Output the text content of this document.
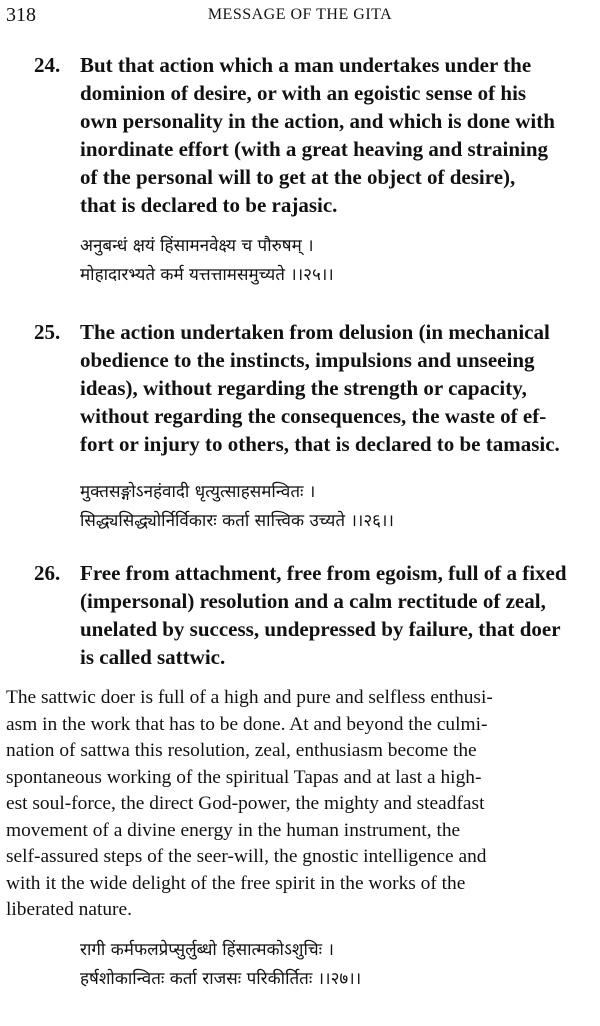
318	MESSAGE OF THE GITA
24. But that action which a man undertakes under the
dominion of desire, or with an egoistic sense of his
own personality in the action, and which is done with
inordinate effort (with a great heaving and straining
of the personal will to get at the object of desire),
that is declared to be rajasic.
अनुबन्धं क्षयं हिंसामनवेक्ष्य च पौरुषम् ।
मोहादारभ्यते कर्म यत्तत्तामसमुच्यते ।।२५।।
25. The action undertaken from delusion (in mechanical
obedience to the instincts, impulsions and unseeing
ideas), without regarding the strength or capacity,
without regarding the consequences, the waste of ef-
fort or injury to others, that is declared to be tamasic.
मुक्तसङ्गोऽनहंवादी धृत्युत्साहसमन्वितः ।
सिद्ध्यसिद्ध्योर्निर्विकारः कर्ता सात्त्विक उच्यते ।।२६।।
26. Free from attachment, free from egoism, full of a fixed
(impersonal) resolution and a calm rectitude of zeal,
unelated by success, undepressed by failure, that doer
is called sattwic.
The sattwic doer is full of a high and pure and selfless enthusi-
asm in the work that has to be done. At and beyond the culmi-
nation of sattwa this resolution, zeal, enthusiasm become the
spontaneous working of the spiritual Tapas and at last a high-
est soul-force, the direct God-power, the mighty and steadfast
movement of a divine energy in the human instrument, the
self-assured steps of the seer-will, the gnostic intelligence and
with it the wide delight of the free spirit in the works of the
liberated nature.
रागी कर्मफलप्रेप्सुर्लुब्धो हिंसात्मकोऽशुचिः ।
हर्षशोकान्वितः कर्ता राजसः परिकीर्तितः ।।२७।।
